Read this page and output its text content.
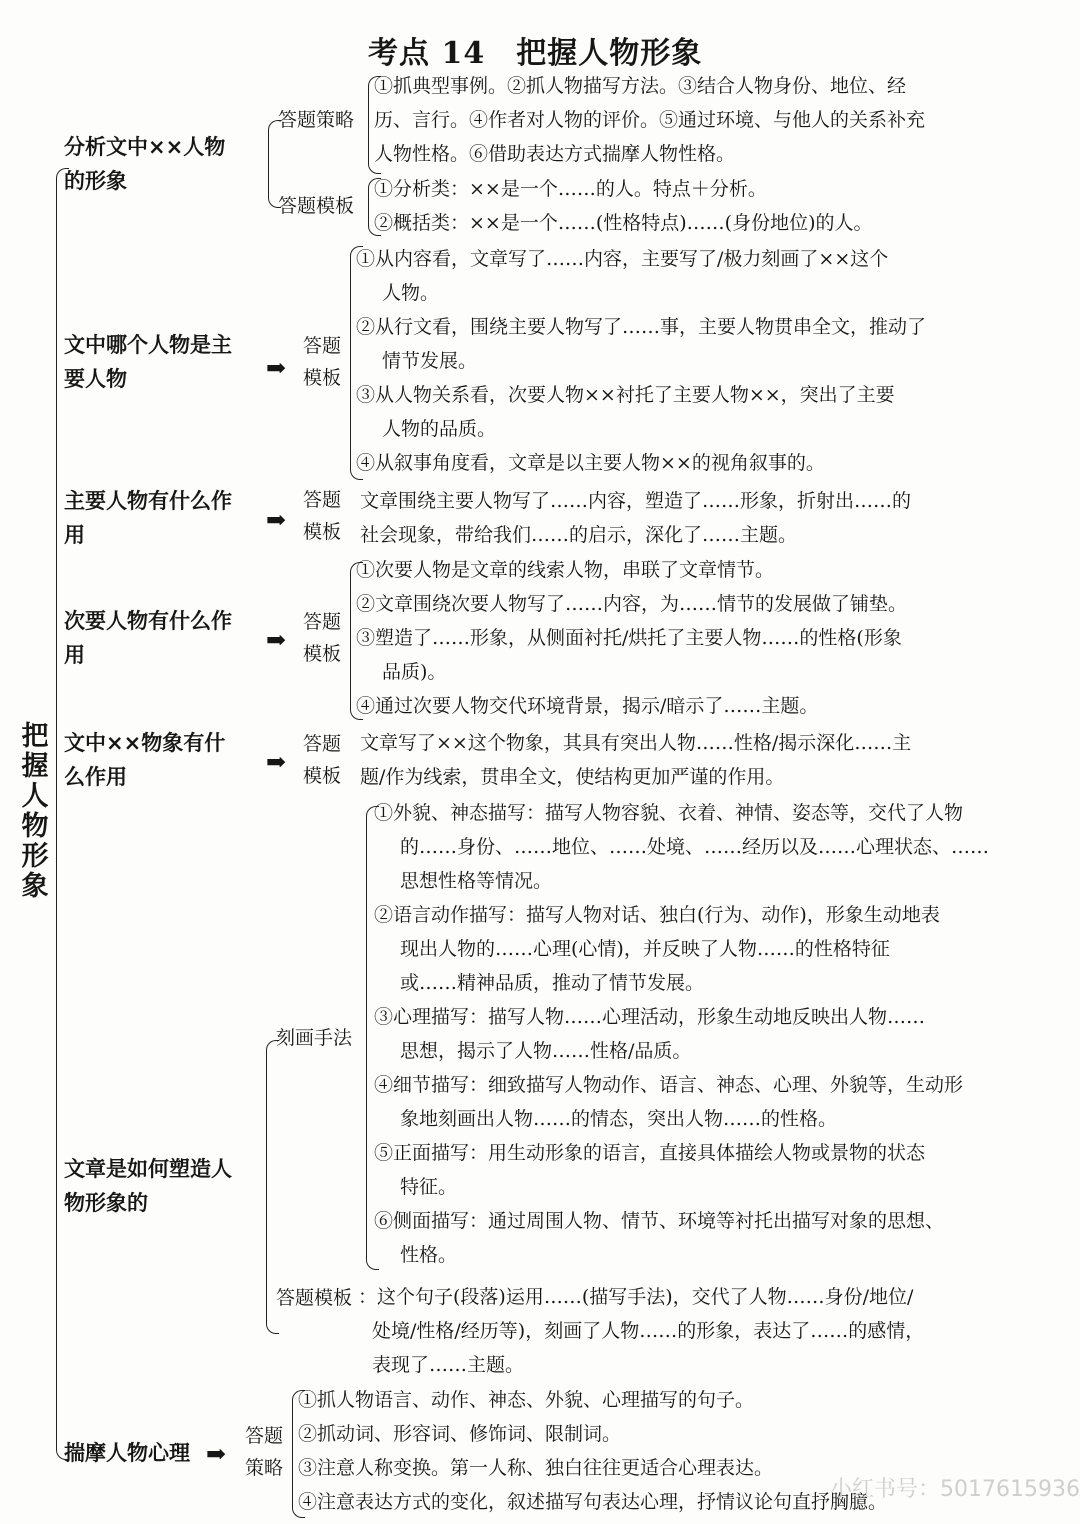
考点 14　把握人物形象
把
握
人
物
形
象
分析文中××人物
的形象
答题策略
①抓典型事例。②抓人物描写方法。③结合人物身份、地位、经
历、言行。④作者对人物的评价。⑤通过环境、与他人的关系补充
人物性格。⑥借助表达方式揣摩人物性格。
答题模板
①分析类：××是一个……的人。特点＋分析。
②概括类：××是一个……(性格特点)……(身份地位)的人。
文中哪个人物是主
要人物	➡
答题
模板
①从内容看，文章写了……内容，主要写了/极力刻画了××这个
人物。
②从行文看，围绕主要人物写了……事，主要人物贯串全文，推动了
情节发展。
③从人物关系看，次要人物××衬托了主要人物××，突出了主要
人物的品质。
④从叙事角度看，文章是以主要人物××的视角叙事的。
主要人物有什么作
用
➡
答题
模板
文章围绕主要人物写了……内容，塑造了……形象，折射出……的
社会现象，带给我们……的启示，深化了……主题。
次要人物有什么作
用
➡
答题
模板
①次要人物是文章的线索人物，串联了文章情节。
②文章围绕次要人物写了……内容，为……情节的发展做了铺垫。
③塑造了……形象，从侧面衬托/烘托了主要人物……的性格(形象
品质)。
④通过次要人物交代环境背景，揭示/暗示了……主题。
文中××物象有什
么作用
➡
答题
模板
文章写了××这个物象，其具有突出人物……性格/揭示深化……主
题/作为线索，贯串全文，使结构更加严谨的作用。
文章是如何塑造人
物形象的
刻画手法
①外貌、神态描写：描写人物容貌、衣着、神情、姿态等，交代了人物
的……身份、……地位、……处境、……经历以及……心理状态、……
思想性格等情况。
②语言动作描写：描写人物对话、独白(行为、动作)，形象生动地表
现出人物的……心理(心情)，并反映了人物……的性格特征
或……精神品质，推动了情节发展。
③心理描写：描写人物……心理活动，形象生动地反映出人物……
思想，揭示了人物……性格/品质。
④细节描写：细致描写人物动作、语言、神态、心理、外貌等，生动形
象地刻画出人物……的情态，突出人物……的性格。
⑤正面描写：用生动形象的语言，直接具体描绘人物或景物的状态
特征。
⑥侧面描写：通过周围人物、情节、环境等衬托出描写对象的思想、
性格。
答题模板 ：这个句子(段落)运用……(描写手法)，交代了人物……身份/地位/
处境/性格/经历等)，刻画了人物……的形象，表达了……的感情，
表现了……主题。
揣摩人物心理 ➡
答题
策略
①抓人物语言、动作、神态、外貌、心理描写的句子。
②抓动词、形容词、修饰词、限制词。
③注意人称变换。第一人称、独白往往更适合心理表达。
④注意表达方式的变化，叙述描写句表达心理，抒情议论句直抒胸臆。
小红书号：5017615936
